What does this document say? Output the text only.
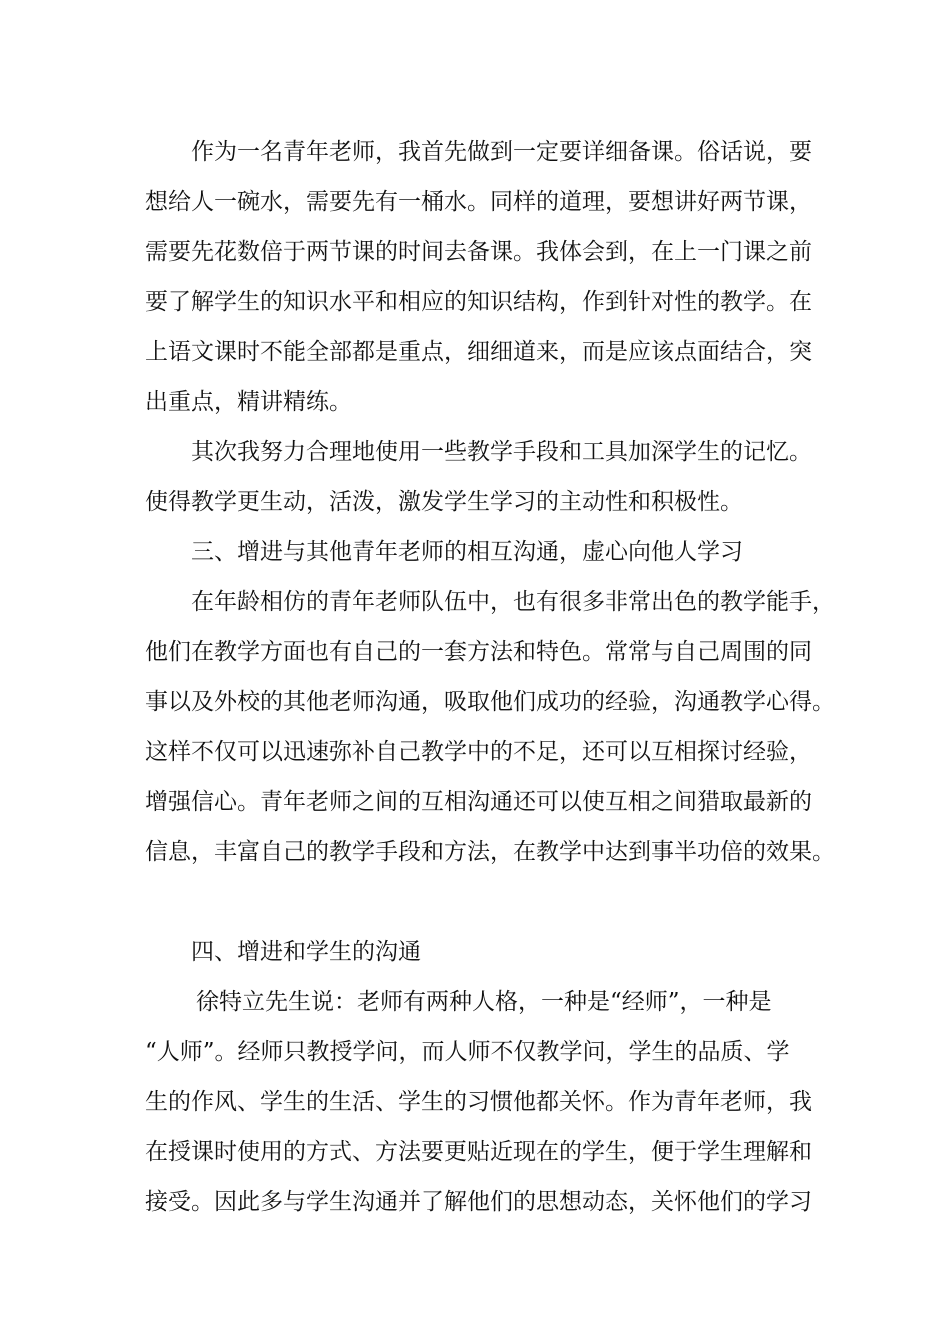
作为一名青年老师，我首先做到一定要详细备课。俗话说，要
想给人一碗水，需要先有一桶水。同样的道理，要想讲好两节课，
需要先花数倍于两节课的时间去备课。我体会到，在上一门课之前
要了解学生的知识水平和相应的知识结构，作到针对性的教学。在
上语文课时不能全部都是重点，细细道来，而是应该点面结合，突
出重点，精讲精练。
其次我努力合理地使用一些教学手段和工具加深学生的记忆。
使得教学更生动，活泼，激发学生学习的主动性和积极性。
三、增进与其他青年老师的相互沟通，虚心向他人学习
在年龄相仿的青年老师队伍中，也有很多非常出色的教学能手，
他们在教学方面也有自己的一套方法和特色。常常与自己周围的同
事以及外校的其他老师沟通，吸取他们成功的经验，沟通教学心得。
这样不仅可以迅速弥补自己教学中的不足，还可以互相探讨经验，
增强信心。青年老师之间的互相沟通还可以使互相之间猎取最新的
信息，丰富自己的教学手段和方法，在教学中达到事半功倍的效果。
四、增进和学生的沟通
徐特立先生说：老师有两种人格，一种是“经师”，一种是
“人师”。经师只教授学问，而人师不仅教学问，学生的品质、学
生的作风、学生的生活、学生的习惯他都关怀。作为青年老师，我
在授课时使用的方式、方法要更贴近现在的学生，便于学生理解和
接受。因此多与学生沟通并了解他们的思想动态，关怀他们的学习
